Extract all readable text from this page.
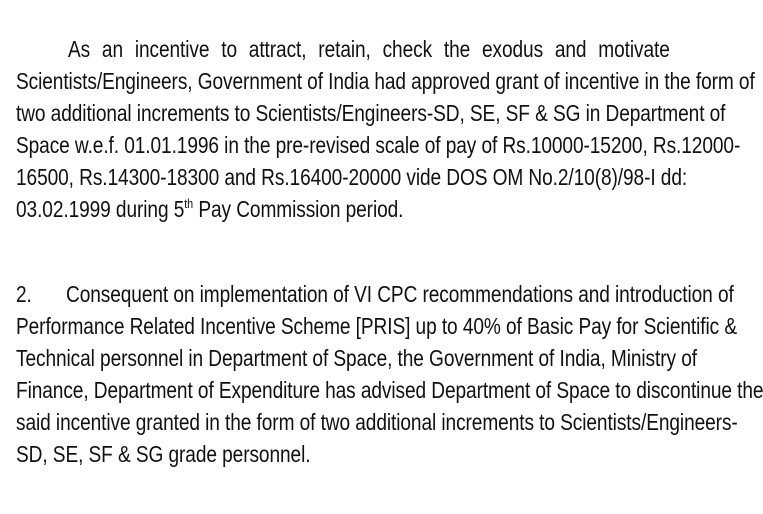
As an incentive to attract, retain, check the exodus and motivate
Scientists/Engineers, Government of India had approved grant of incentive in the form of
two additional increments to Scientists/Engineers-SD, SE, SF & SG in Department of
Space w.e.f. 01.01.1996 in the pre-revised scale of pay of Rs.10000-15200, Rs.12000-
16500, Rs.14300-18300 and Rs.16400-20000 vide DOS OM No.2/10(8)/98-I dd:
03.02.1999 during 5th Pay Commission period.
2.	Consequent on implementation of VI CPC recommendations and introduction of
Performance Related Incentive Scheme [PRIS] up to 40% of Basic Pay for Scientific &
Technical personnel in Department of Space, the Government of India, Ministry of
Finance, Department of Expenditure has advised Department of Space to discontinue the
said incentive granted in the form of two additional increments to Scientists/Engineers-
SD, SE, SF & SG grade personnel.
